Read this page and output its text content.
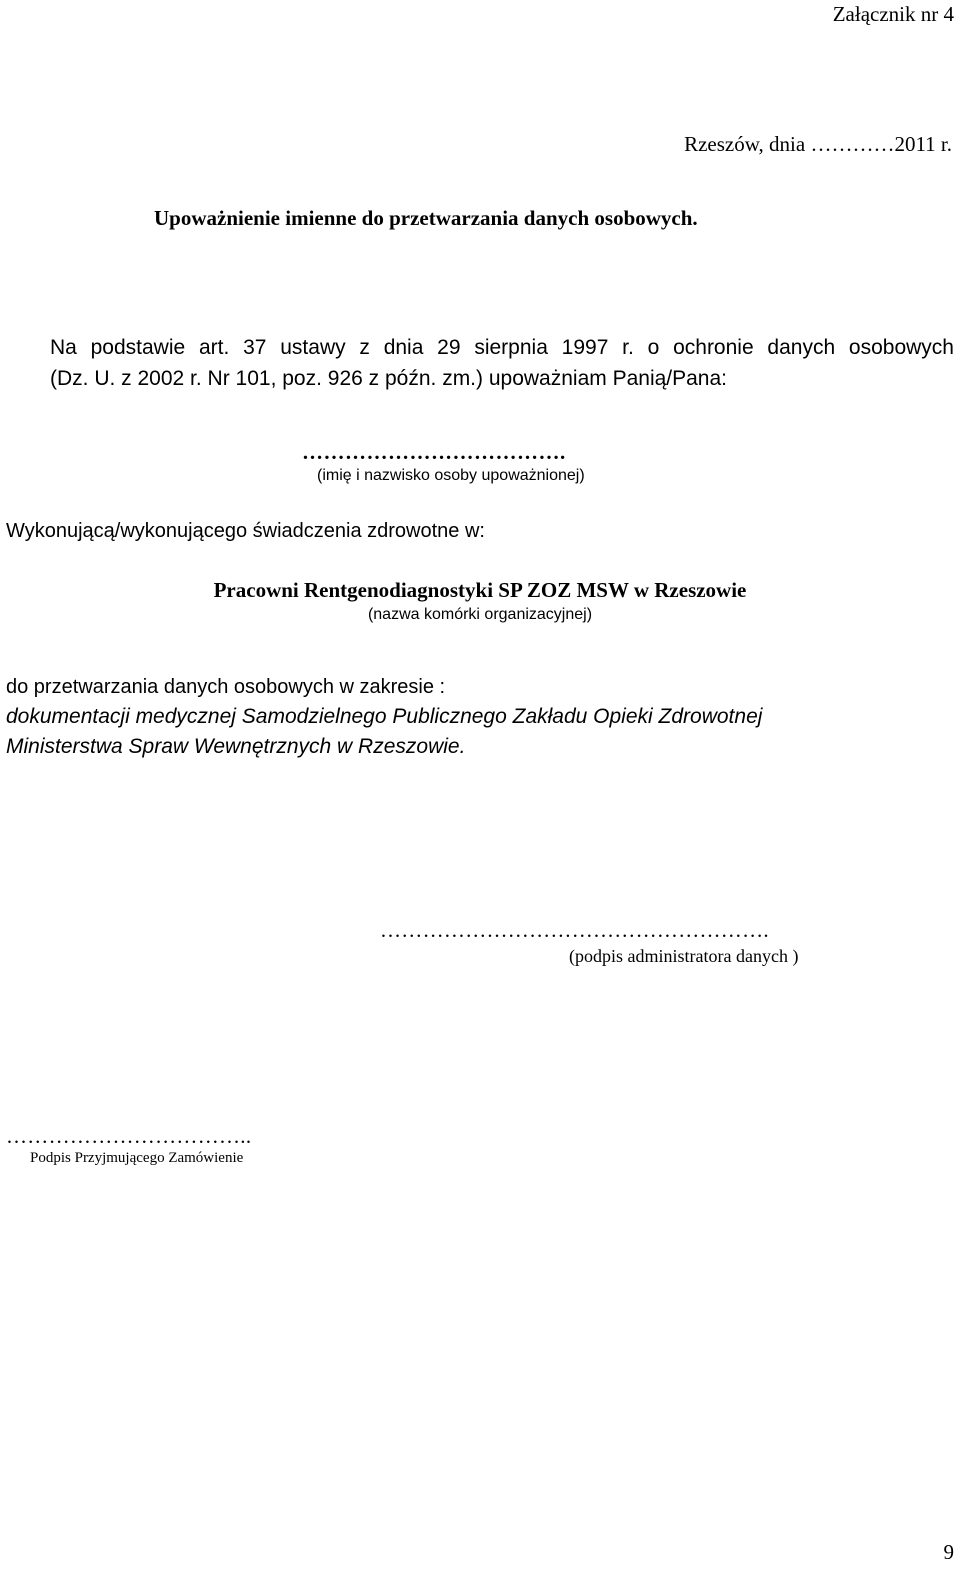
Załącznik nr 4
Rzeszów, dnia …………2011 r.
Upoważnienie imienne do przetwarzania danych osobowych.
Na podstawie art. 37 ustawy z dnia 29 sierpnia 1997 r. o ochronie danych osobowych
(Dz. U. z 2002 r. Nr 101, poz. 926 z późn. zm.) upoważniam Panią/Pana:
……………………………….
(imię i nazwisko osoby upoważnionej)
Wykonującą/wykonującego świadczenia zdrowotne w:
Pracowni Rentgenodiagnostyki SP ZOZ MSW w Rzeszowie
(nazwa komórki organizacyjnej)
do przetwarzania danych osobowych w zakresie :
dokumentacji medycznej Samodzielnego Publicznego Zakładu Opieki Zdrowotnej
Ministerstwa Spraw Wewnętrznych w Rzeszowie.
……………………………………………….
(podpis administratora danych )
……………………………..
Podpis Przyjmującego Zamówienie
9
